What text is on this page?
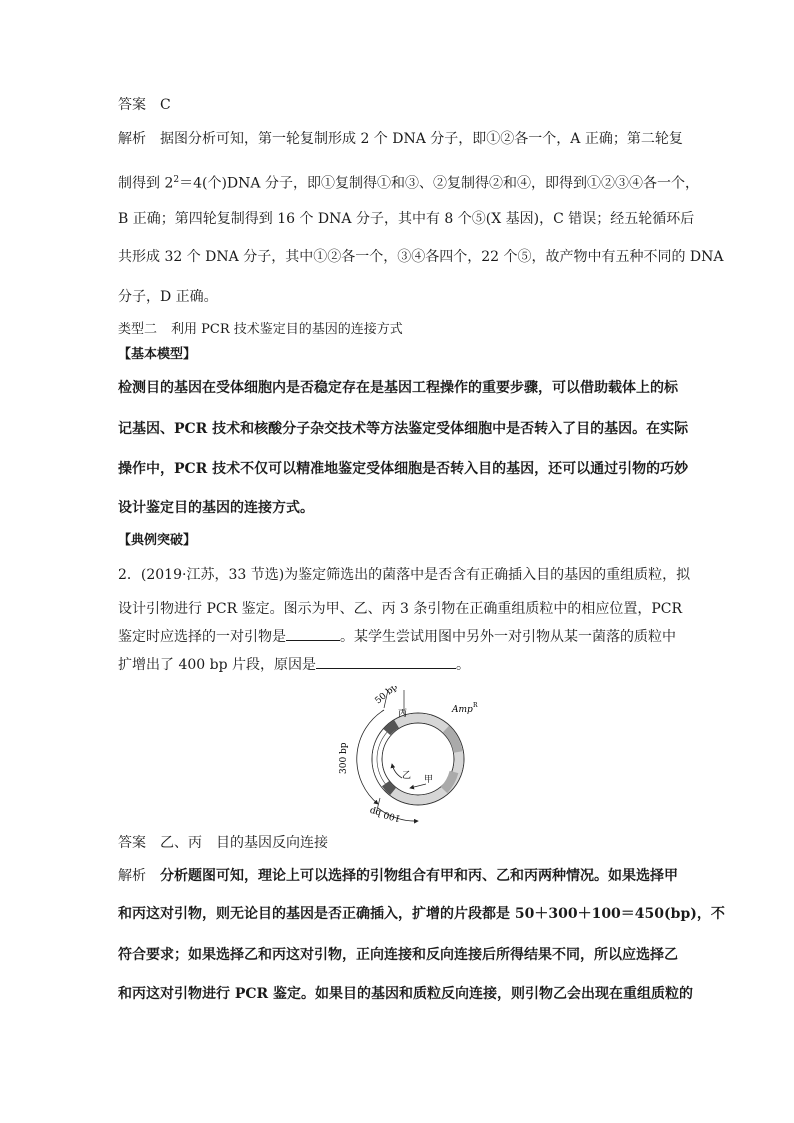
答案 C
解析 据图分析可知，第一轮复制形成 2 个 DNA 分子，即①②各一个，A 正确；第二轮复
制得到 $2^2=4$(个)DNA 分子，即①复制得①和③、②复制得②和④，即得到①②③④各一个，
B 正确；第四轮复制得到 16 个 DNA 分子，其中有 8 个⑤(X 基因)，C 错误；经五轮循环后
共形成 32 个 DNA 分子，其中①②各一个，③④各四个，22 个⑤，故产物中有五种不同的 DNA
分子，D 正确。
类型二 利用 PCR 技术鉴定目的基因的连接方式
【基本模型】
检测目的基因在受体细胞内是否稳定存在是基因工程操作的重要步骤，可以借助载体上的标
记基因、PCR 技术和核酸分子杂交技术等方法鉴定受体细胞中是否转入了目的基因。在实际
操作中，PCR 技术不仅可以精准地鉴定受体细胞是否转入目的基因，还可以通过引物的巧妙
设计鉴定目的基因的连接方式。
【典例突破】
2．(2019·江苏，33 节选)为鉴定筛选出的菌落中是否含有正确插入目的基因的重组质粒，拟
设计引物进行 PCR 鉴定。图示为甲、乙、丙 3 条引物在正确重组质粒中的相应位置，PCR
鉴定时应选择的一对引物是	。某学生尝试用图中另外一对引物从某一菌落的质粒中
扩增出了 400 bp 片段，原因是	。
50 bp
300 bp
100 bp
Amp R
丙
乙 甲
答案 乙、丙　目的基因反向连接
解析 分析题图可知，理论上可以选择的引物组合有甲和丙、乙和丙两种情况。如果选择甲
和丙这对引物，则无论目的基因是否正确插入，扩增的片段都是 50＋300＋100＝450(bp)，不
符合要求；如果选择乙和丙这对引物，正向连接和反向连接后所得结果不同，所以应选择乙
和丙这对引物进行 PCR 鉴定。如果目的基因和质粒反向连接，则引物乙会出现在重组质粒的
